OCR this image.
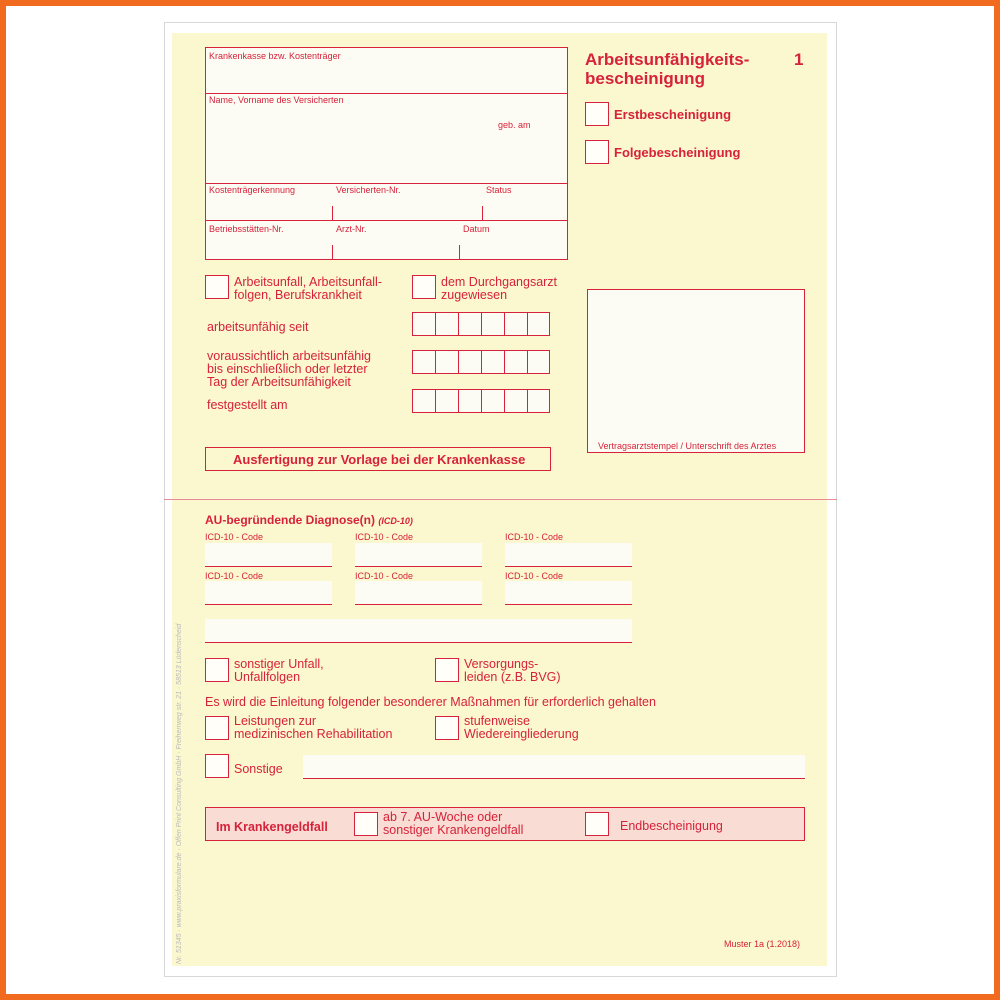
Arbeitsunfähigkeits-
bescheinigung
1
Erstbescheinigung
Folgebescheinigung
Krankenkasse bzw. Kostenträger
Name, Vorname des Versicherten
geb. am
Kostenträgerkennung	Versicherten-Nr.	Status
Betriebsstätten-Nr.	Arzt-Nr.	Datum
Arbeitsunfall, Arbeitsunfall-
folgen, Berufskrankheit
dem Durchgangsarzt
zugewiesen
arbeitsunfähig seit
voraussichtlich arbeitsunfähig
bis einschließlich oder letzter
Tag der Arbeitsunfähigkeit
festgestellt am
Vertragsarztstempel / Unterschrift des Arztes
Ausfertigung zur Vorlage bei der Krankenkasse
AU-begründende Diagnose(n) (ICD-10)
ICD-10 - Code	ICD-10 - Code	ICD-10 - Code
ICD-10 - Code	ICD-10 - Code	ICD-10 - Code
sonstiger Unfall,
Unfallfolgen
Versorgungs-
leiden (z.B. BVG)
Es wird die Einleitung folgender besonderer Maßnahmen für erforderlich gehalten
Leistungen zur
medizinischen Rehabilitation
stufenweise
Wiedereingliederung
Sonstige
Im Krankengeldfall
ab 7. AU-Woche oder
sonstiger Krankengeldfall	Endbescheinigung
Muster 1a (1.2018)
Nr. 51345 · www.praxisformulare.de · Offen Print Consulting GmbH · Freiherrweg str. 21 · 58513 Lüdenscheid
